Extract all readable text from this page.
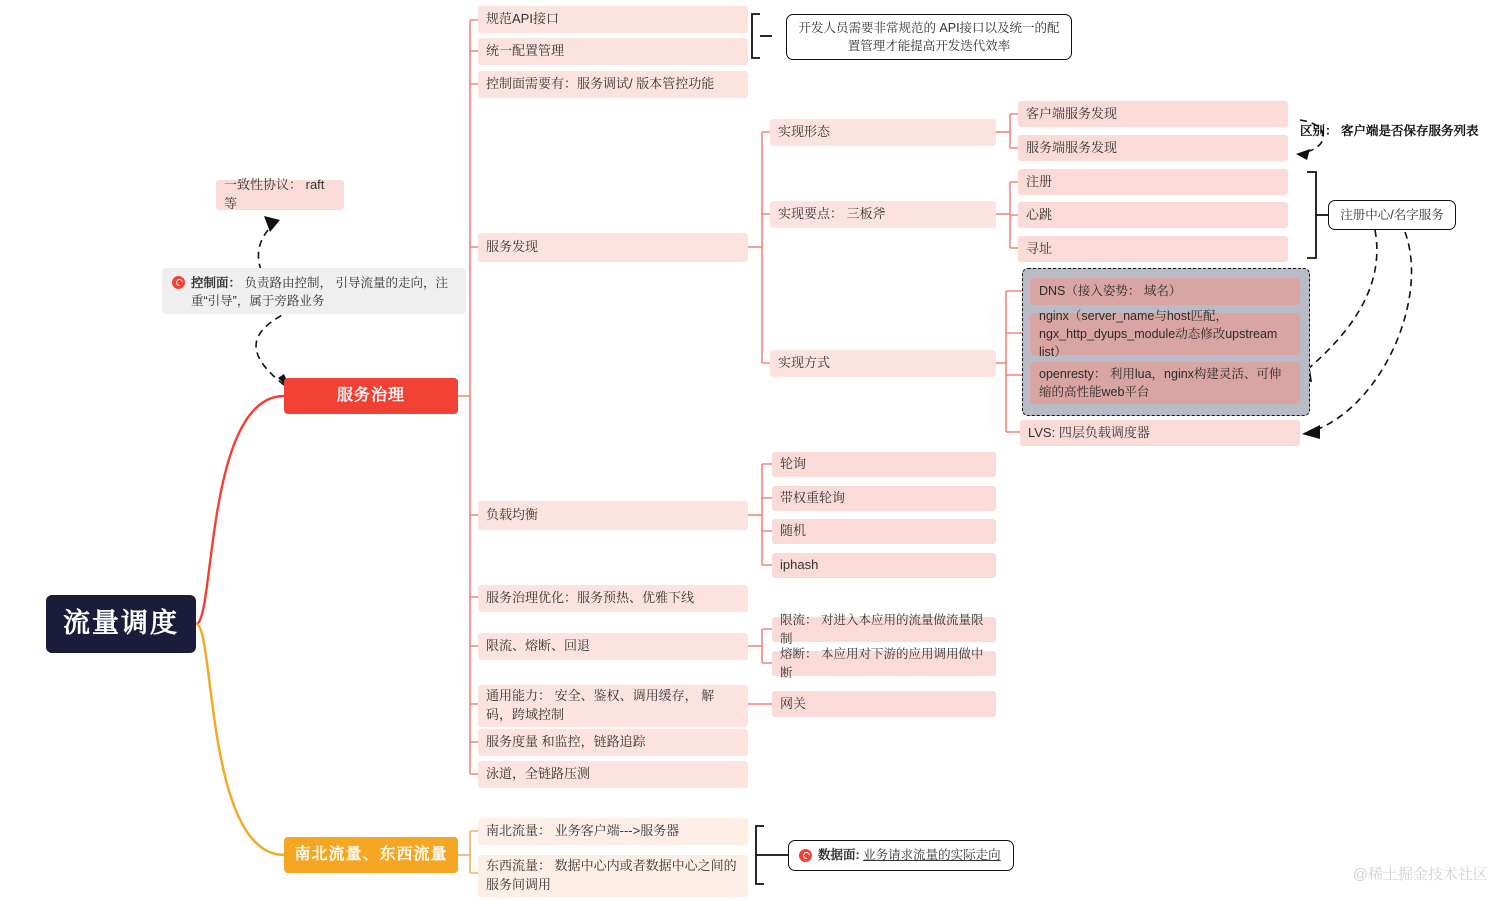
流量调度
服务治理
南北流量、东西流量
规范API接口
统一配置管理
控制面需要有：服务调试/ 版本管控功能
服务发现
负载均衡
服务治理优化：服务预热、优雅下线
限流、熔断、回退
通用能力： 安全、鉴权、调用缓存， 解码，跨域控制
服务度量 和监控，链路追踪
泳道，全链路压测
实现形态
实现要点： 三板斧
实现方式
客户端服务发现
服务端服务发现
注册
心跳
寻址
DNS（接入姿势： 域名）
nginx（server_name与host匹配，ngx_http_dyups_module动态修改upstream list）
openresty： 利用lua，nginx构建灵活、可伸缩的高性能web平台
LVS: 四层负载调度器
轮询
带权重轮询
随机
iphash
限流： 对进入本应用的流量做流量限制
熔断： 本应用对下游的应用调用做中断
网关
南北流量： 业务客户端--->服务器
东西流量： 数据中心内或者数据中心之间的 服务间调用
开发人员需要非常规范的 API接口以及统一的配置管理才能提高开发迭代效率
注册中心/名字服务
区别： 客户端是否保存服务列表
一致性协议： raft等
控制面： 负责路由控制， 引导流量的走向，注重“引导”，属于旁路业务
数据面: 业务请求流量的实际走向
@稀土掘金技术社区
